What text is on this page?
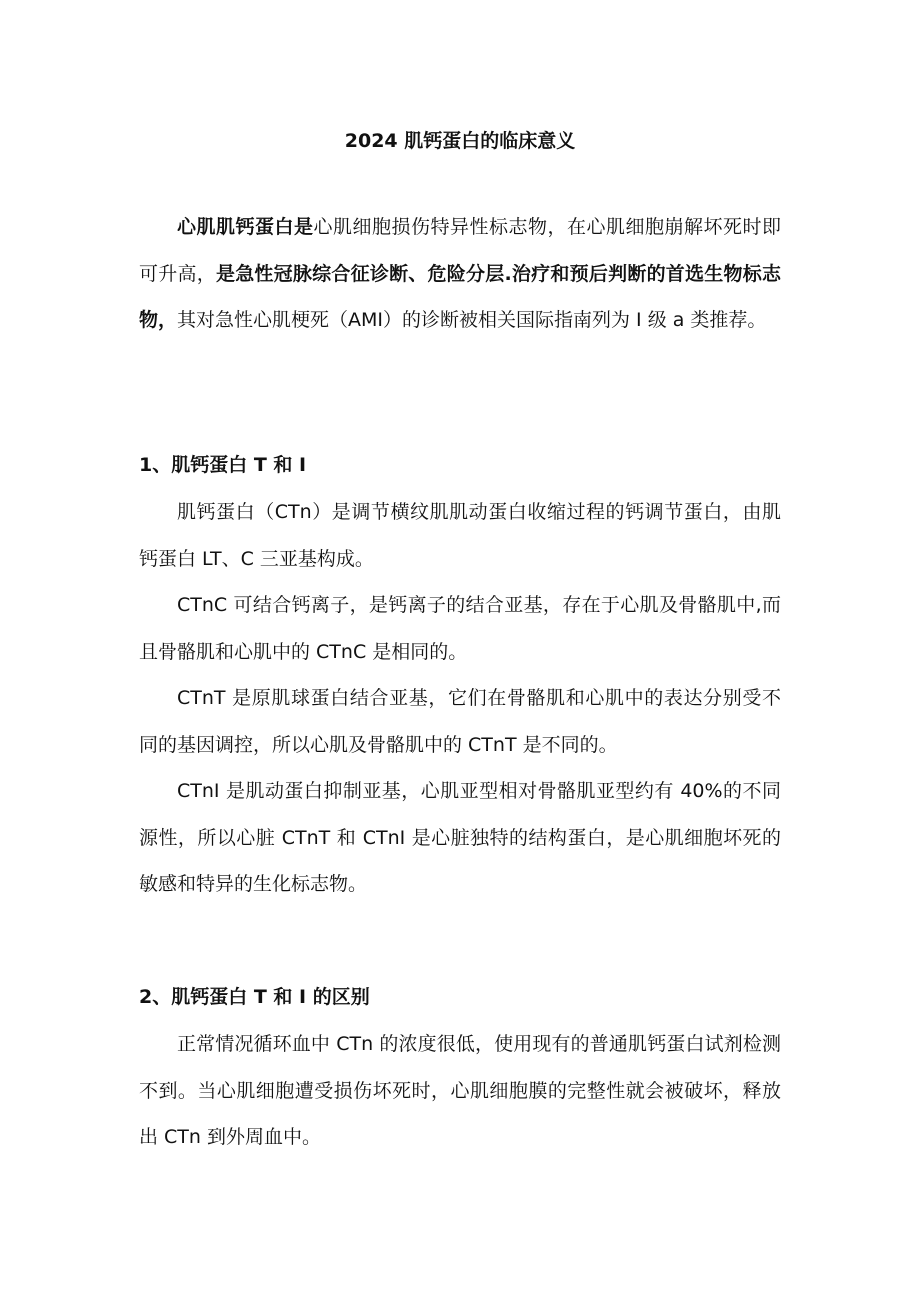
2024 肌钙蛋白的临床意义

心肌肌钙蛋白是心肌细胞损伤特异性标志物，在心肌细胞崩解坏死时即可升高，是急性冠脉综合征诊断、危险分层.治疗和预后判断的首选生物标志物，其对急性心肌梗死（AMI）的诊断被相关国际指南列为 I 级 a 类推荐。

1、肌钙蛋白 T 和 I

肌钙蛋白（CTn）是调节横纹肌肌动蛋白收缩过程的钙调节蛋白，由肌钙蛋白 LT、C 三亚基构成。

CTnC 可结合钙离子，是钙离子的结合亚基，存在于心肌及骨骼肌中,而且骨骼肌和心肌中的 CTnC 是相同的。

CTnT 是原肌球蛋白结合亚基，它们在骨骼肌和心肌中的表达分别受不同的基因调控，所以心肌及骨骼肌中的 CTnT 是不同的。

CTnI 是肌动蛋白抑制亚基，心肌亚型相对骨骼肌亚型约有 40%的不同源性，所以心脏 CTnT 和 CTnI 是心脏独特的结构蛋白，是心肌细胞坏死的敏感和特异的生化标志物。

2、肌钙蛋白 T 和 I 的区别

正常情况循环血中 CTn 的浓度很低，使用现有的普通肌钙蛋白试剂检测不到。当心肌细胞遭受损伤坏死时，心肌细胞膜的完整性就会被破坏，释放出 CTn 到外周血中。
